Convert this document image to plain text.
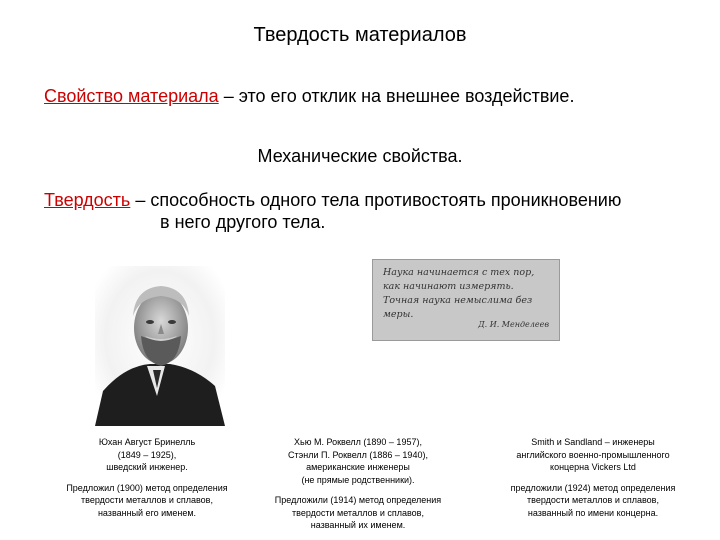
Твердость материалов
Свойство материала – это его отклик на внешнее воздействие.
Механические свойства.
Твердость – способность одного тела противостоять проникновению
в него другого тела.
Наука начинается с тех пор, как начинают измерять. Точная наука немыслима без меры.
Д. И. Менделеев
Юхан Август Бринелль
(1849 – 1925),
шведский инженер.
Предложил (1900) метод определения
твердости металлов и сплавов,
названный его именем.
Хью М. Роквелл (1890 – 1957),
Стэнли П. Роквелл (1886 – 1940),
американские инженеры
(не прямые родственники).
Предложили (1914) метод определения
твердости металлов и сплавов,
названный их именем.
Smith и Sandland – инженеры
английского военно-промышленного
концерна Vickers Ltd
предложили (1924) метод определения
твердости металлов и сплавов,
названный по имени концерна.
